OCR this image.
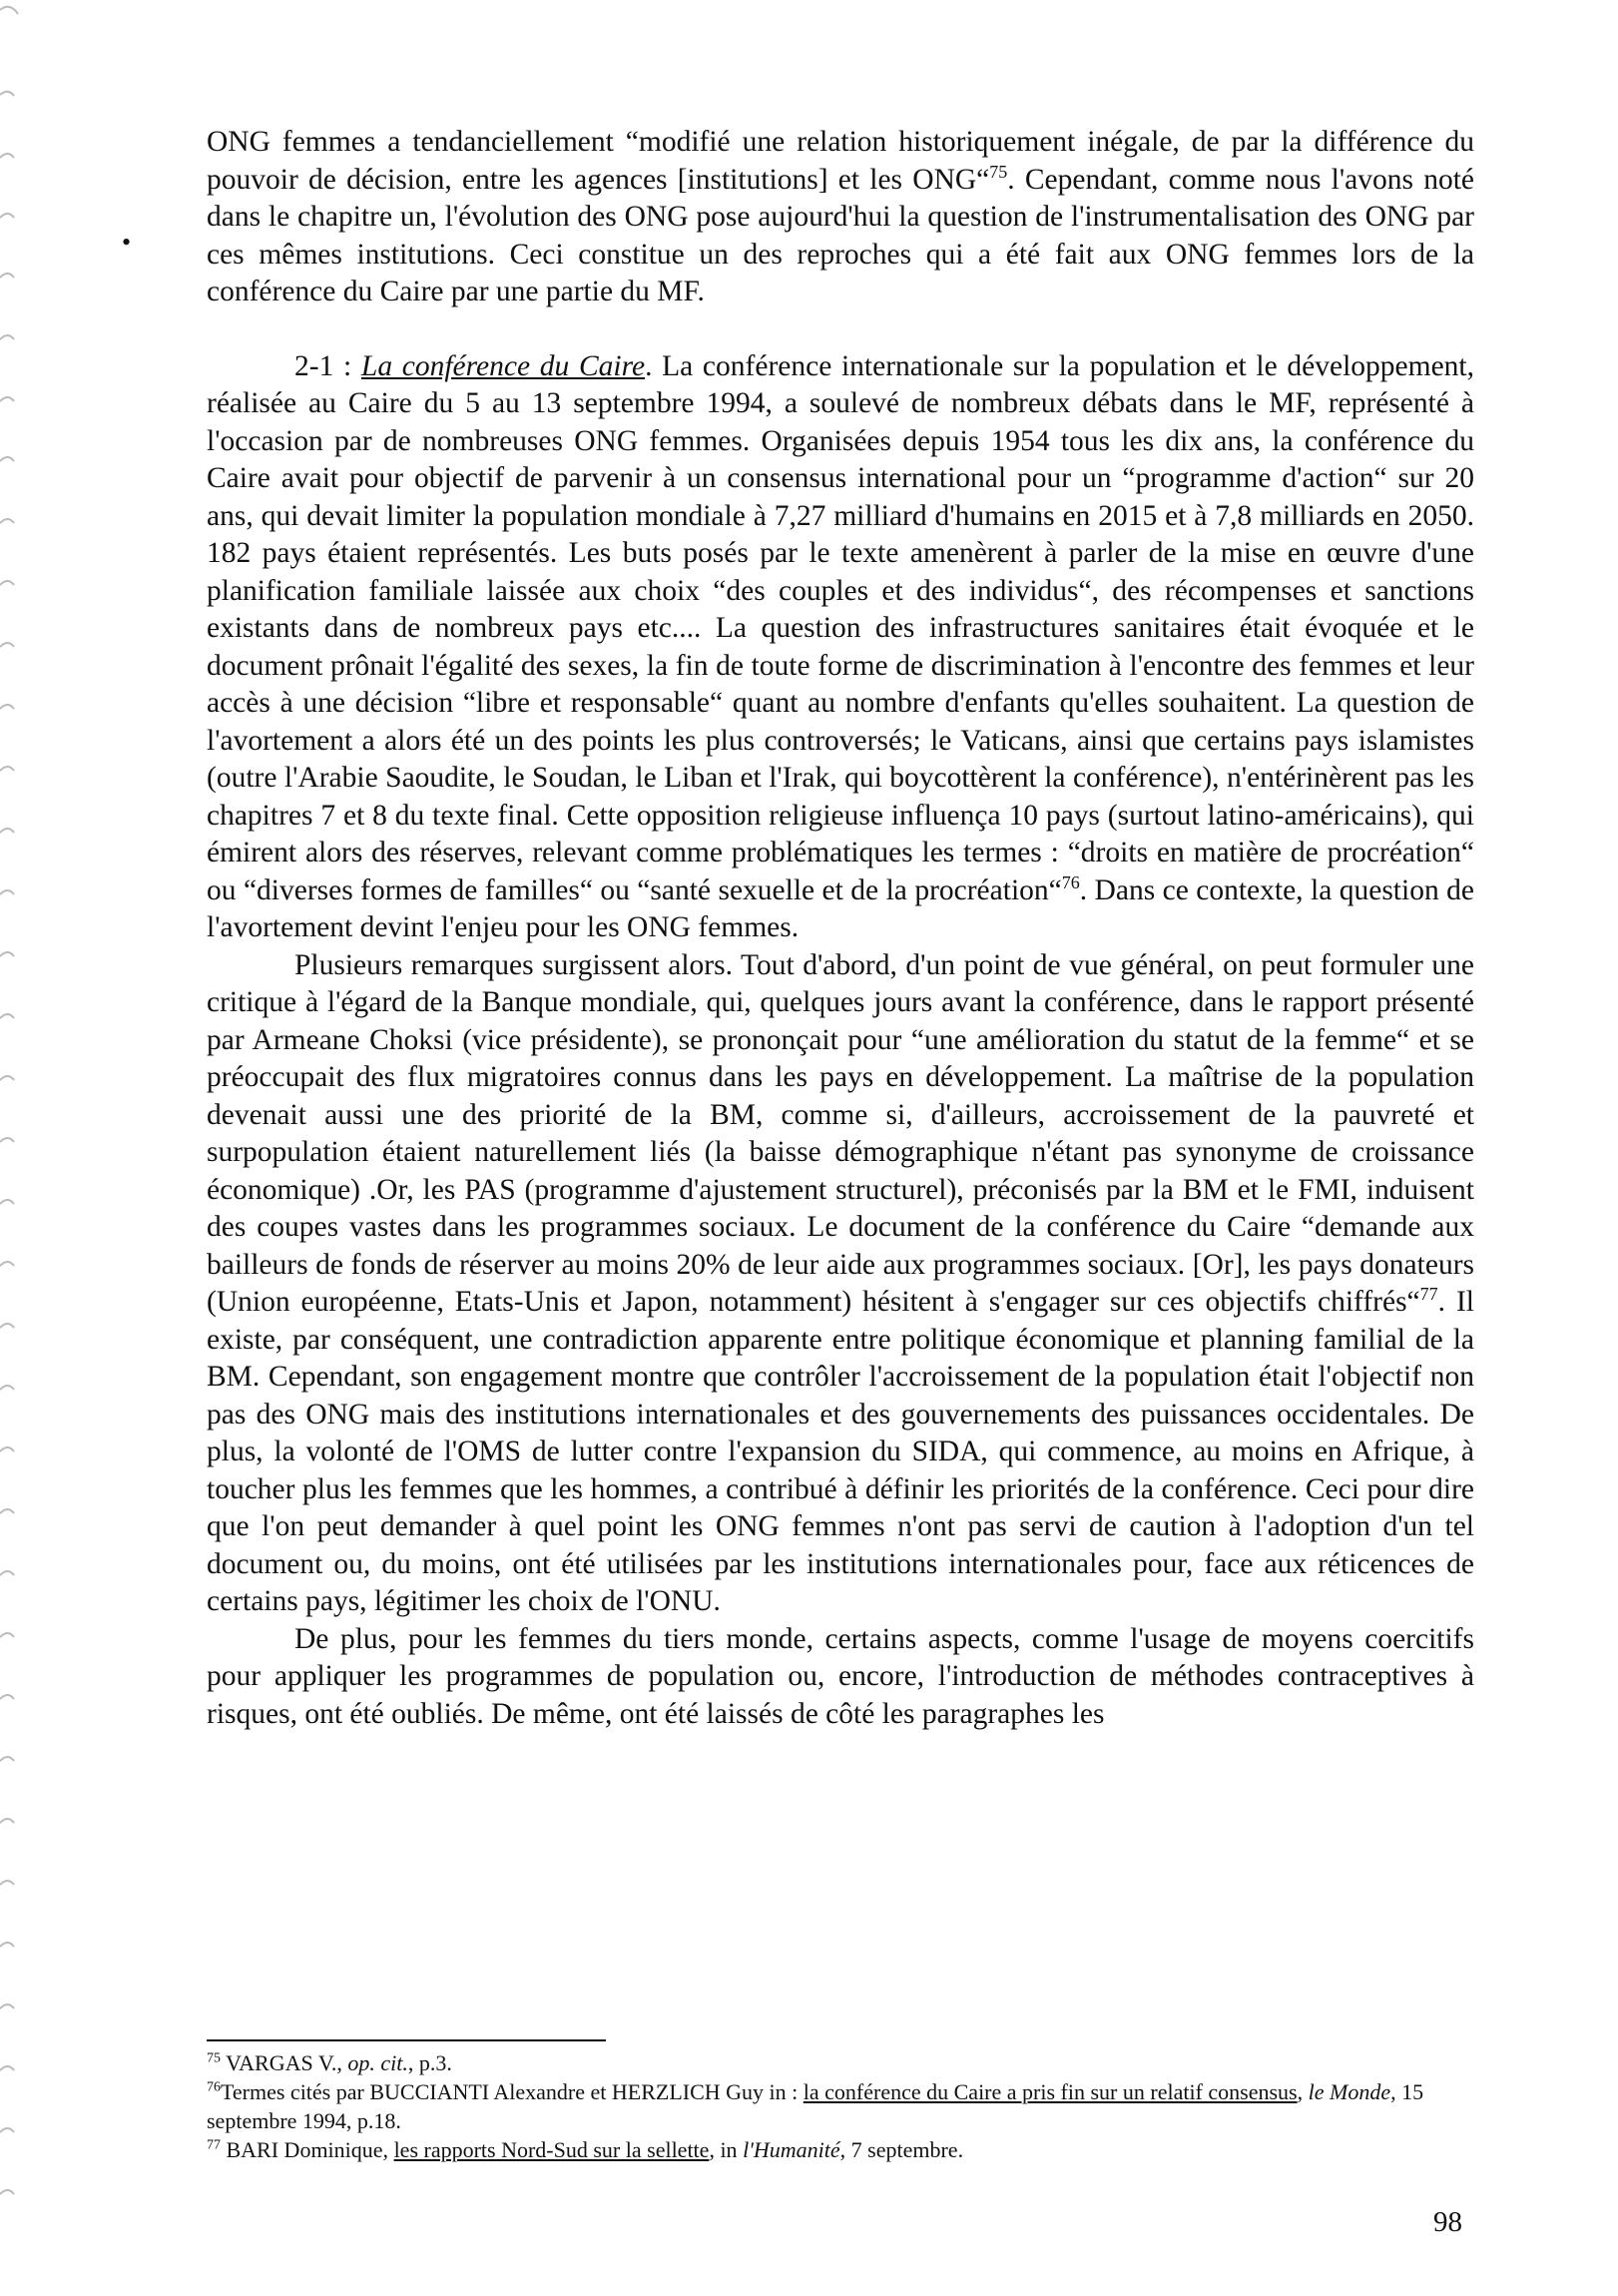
•

ONG femmes a tendanciellement “modifié une relation historiquement inégale, de par la différence du pouvoir de décision, entre les agences [institutions] et les ONG“$^{75}$. Cependant, comme nous l'avons noté dans le chapitre un, l'évolution des ONG pose aujourd'hui la question de l'instrumentalisation des ONG par ces mêmes institutions. Ceci constitue un des reproches qui a été fait aux ONG femmes lors de la conférence du Caire par une partie du MF.

2-1 : La conférence du Caire. La conférence internationale sur la population et le développement, réalisée au Caire du 5 au 13 septembre 1994, a soulevé de nombreux débats dans le MF, représenté à l'occasion par de nombreuses ONG femmes. Organisées depuis 1954 tous les dix ans, la conférence du Caire avait pour objectif de parvenir à un consensus international pour un “programme d'action“ sur 20 ans, qui devait limiter la population mondiale à 7,27 milliard d'humains en 2015 et à 7,8 milliards en 2050. 182 pays étaient représentés. Les buts posés par le texte amenèrent à parler de la mise en œuvre d'une planification familiale laissée aux choix “des couples et des individus“, des récompenses et sanctions existants dans de nombreux pays etc.... La question des infrastructures sanitaires était évoquée et le document prônait l'égalité des sexes, la fin de toute forme de discrimination à l'encontre des femmes et leur accès à une décision “libre et responsable“ quant au nombre d'enfants qu'elles souhaitent. La question de l'avortement a alors été un des points les plus controversés; le Vaticans, ainsi que certains pays islamistes (outre l'Arabie Saoudite, le Soudan, le Liban et l'Irak, qui boycottèrent la conférence), n'entérinèrent pas les chapitres 7 et 8 du texte final. Cette opposition religieuse influença 10 pays (surtout latino-américains), qui émirent alors des réserves, relevant comme problématiques les termes : “droits en matière de procréation“ ou “diverses formes de familles“ ou “santé sexuelle et de la procréation“$^{76}$. Dans ce contexte, la question de l'avortement devint l'enjeu pour les ONG femmes.

Plusieurs remarques surgissent alors. Tout d'abord, d'un point de vue général, on peut formuler une critique à l'égard de la Banque mondiale, qui, quelques jours avant la conférence, dans le rapport présenté par Armeane Choksi (vice présidente), se prononçait pour “une amélioration du statut de la femme“ et se préoccupait des flux migratoires connus dans les pays en développement. La maîtrise de la population devenait aussi une des priorité de la BM, comme si, d'ailleurs, accroissement de la pauvreté et surpopulation étaient naturellement liés (la baisse démographique n'étant pas synonyme de croissance économique) .Or, les PAS (programme d'ajustement structurel), préconisés par la BM et le FMI, induisent des coupes vastes dans les programmes sociaux. Le document de la conférence du Caire “demande aux bailleurs de fonds de réserver au moins 20% de leur aide aux programmes sociaux. [Or], les pays donateurs (Union européenne, Etats-Unis et Japon, notamment) hésitent à s'engager sur ces objectifs chiffrés“$^{77}$. Il existe, par conséquent, une contradiction apparente entre politique économique et planning familial de la BM. Cependant, son engagement montre que contrôler l'accroissement de la population était l'objectif non pas des ONG mais des institutions internationales et des gouvernements des puissances occidentales. De plus, la volonté de l'OMS de lutter contre l'expansion du SIDA, qui commence, au moins en Afrique, à toucher plus les femmes que les hommes, a contribué à définir les priorités de la conférence. Ceci pour dire que l'on peut demander à quel point les ONG femmes n'ont pas servi de caution à l'adoption d'un tel document ou, du moins, ont été utilisées par les institutions internationales pour, face aux réticences de certains pays, légitimer les choix de l'ONU.

De plus, pour les femmes du tiers monde, certains aspects, comme l'usage de moyens coercitifs pour appliquer les programmes de population ou, encore, l'introduction de méthodes contraceptives à risques, ont été oubliés. De même, ont été laissés de côté les paragraphes les

$^{75}$ VARGAS V., op. cit., p.3.

$^{76}$Termes cités par BUCCIANTI Alexandre et HERZLICH Guy in : la conférence du Caire a pris fin sur un relatif consensus, le Monde, 15 septembre 1994, p.18.

$^{77}$ BARI Dominique, les rapports Nord-Sud sur la sellette, in l'Humanité, 7 septembre.

98
